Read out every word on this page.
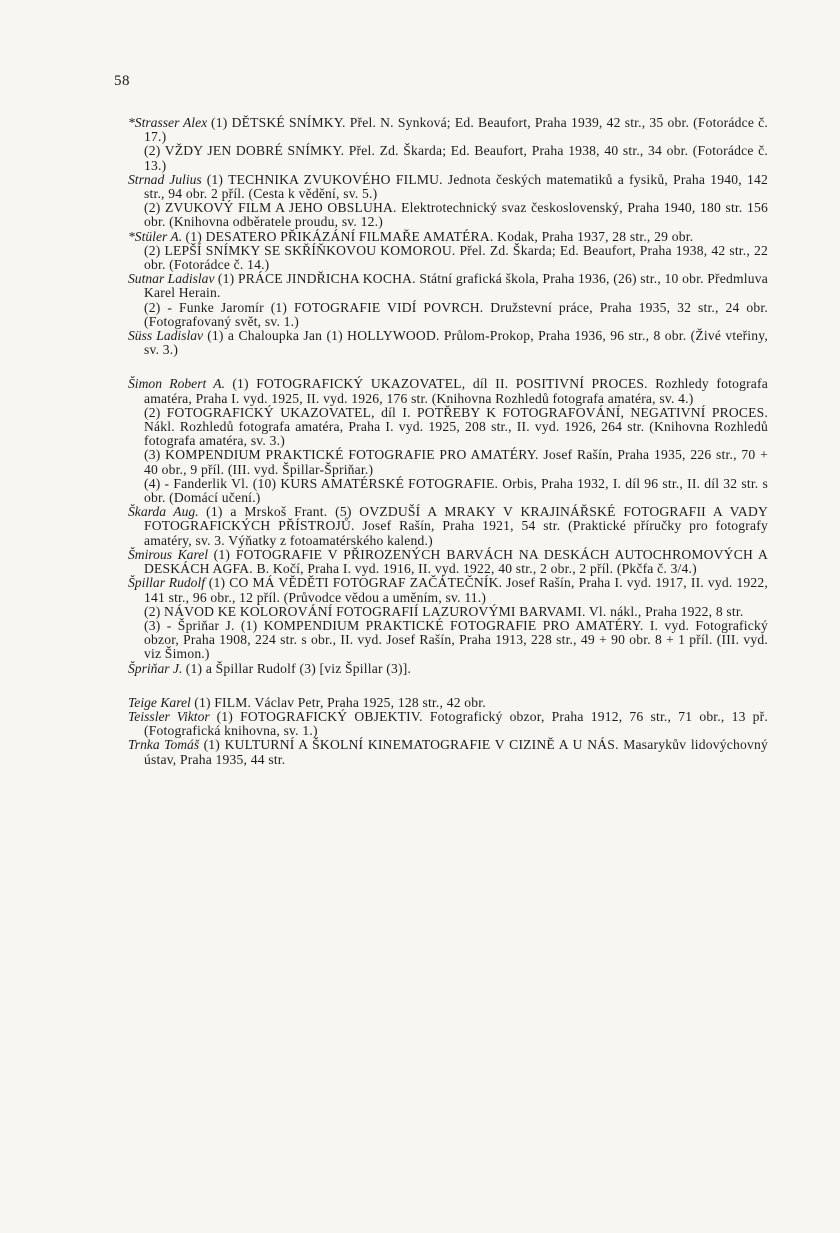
58

*Strasser Alex (1) DĚTSKÉ SNÍMKY. Přel. N. Synková; Ed. Beaufort, Praha 1939, 42 str., 35 obr. (Fotorádce č. 17.)

(2) VŽDY JEN DOBRÉ SNÍMKY. Přel. Zd. Škarda; Ed. Beaufort, Praha 1938, 40 str., 34 obr. (Fotorádce č. 13.)

Strnad Julius (1) TECHNIKA ZVUKOVÉHO FILMU. Jednota českých matematiků a fysiků, Praha 1940, 142 str., 94 obr. 2 příl. (Cesta k vědění, sv. 5.)

(2) ZVUKOVÝ FILM A JEHO OBSLUHA. Elektrotechnický svaz československý, Praha 1940, 180 str. 156 obr. (Knihovna odběratele proudu, sv. 12.)

*Stüler A. (1) DESATERO PŘIKÁZÁNÍ FILMAŘE AMATÉRA. Kodak, Praha 1937, 28 str., 29 obr.

(2) LEPŠÍ SNÍMKY SE SKŘÍŇKOVOU KOMOROU. Přel. Zd. Škarda; Ed. Beaufort, Praha 1938, 42 str., 22 obr. (Fotorádce č. 14.)

Sutnar Ladislav (1) PRÁCE JINDŘICHA KOCHA. Státní grafická škola, Praha 1936, (26) str., 10 obr. Předmluva Karel Herain.

(2) - Funke Jaromír (1) FOTOGRAFIE VIDÍ POVRCH. Družstevní práce, Praha 1935, 32 str., 24 obr. (Fotografovaný svět, sv. 1.)

Süss Ladislav (1) a Chaloupka Jan (1) HOLLYWOOD. Průlom-Prokop, Praha 1936, 96 str., 8 obr. (Živé vteřiny, sv. 3.)

Šimon Robert A. (1) FOTOGRAFICKÝ UKAZOVATEL, díl II. POSITIVNÍ PROCES. Rozhledy fotografa amatéra, Praha I. vyd. 1925, II. vyd. 1926, 176 str. (Knihovna Rozhledů fotografa amatéra, sv. 4.)

(2) FOTOGRAFICKÝ UKAZOVATEL, díl I. POTŘEBY K FOTOGRAFOVÁNÍ, NEGATIVNÍ PROCES. Nákl. Rozhledů fotografa amatéra, Praha I. vyd. 1925, 208 str., II. vyd. 1926, 264 str. (Knihovna Rozhledů fotografa amatéra, sv. 3.)

(3) KOMPENDIUM PRAKTICKÉ FOTOGRAFIE PRO AMATÉRY. Josef Rašín, Praha 1935, 226 str., 70 + 40 obr., 9 příl. (III. vyd. Špillar-Špriňar.)

(4) - Fanderlik Vl. (10) KURS AMATÉRSKÉ FOTOGRAFIE. Orbis, Praha 1932, I. díl 96 str., II. díl 32 str. s obr. (Domácí učení.)

Škarda Aug. (1) a Mrskoš Frant. (5) OVZDUŠÍ A MRAKY V KRAJINÁŘSKÉ FOTOGRAFII A VADY FOTOGRAFICKÝCH PŘÍSTROJŮ. Josef Rašín, Praha 1921, 54 str. (Praktické příručky pro fotografy amatéry, sv. 3. Výňatky z fotoamatérského kalend.)

Šmirous Karel (1) FOTOGRAFIE V PŘIROZENÝCH BARVÁCH NA DESKÁCH AUTOCHROMOVÝCH A DESKÁCH AGFA. B. Kočí, Praha I. vyd. 1916, II. vyd. 1922, 40 str., 2 obr., 2 příl. (Pkčfa č. 3/4.)

Špillar Rudolf (1) CO MÁ VĚDĚTI FOTOGRAF ZAČÁTEČNÍK. Josef Rašín, Praha I. vyd. 1917, II. vyd. 1922, 141 str., 96 obr., 12 příl. (Průvodce vědou a uměním, sv. 11.)

(2) NÁVOD KE KOLOROVÁNÍ FOTOGRAFIÍ LAZUROVÝMI BARVAMI. Vl. nákl., Praha 1922, 8 str.

(3) - Špriňar J. (1) KOMPENDIUM PRAKTICKÉ FOTOGRAFIE PRO AMATÉRY. I. vyd. Fotografický obzor, Praha 1908, 224 str. s obr., II. vyd. Josef Rašín, Praha 1913, 228 str., 49 + 90 obr. 8 + 1 příl. (III. vyd. viz Šimon.)

Špriňar J. (1) a Špillar Rudolf (3) [viz Špillar (3)].

Teige Karel (1) FILM. Václav Petr, Praha 1925, 128 str., 42 obr.

Teissler Viktor (1) FOTOGRAFICKÝ OBJEKTIV. Fotografický obzor, Praha 1912, 76 str., 71 obr., 13 př. (Fotografická knihovna, sv. 1.)

Trnka Tomáš (1) KULTURNÍ A ŠKOLNÍ KINEMATOGRAFIE V CIZINĚ A U NÁS. Masarykův lidovýchovný ústav, Praha 1935, 44 str.
